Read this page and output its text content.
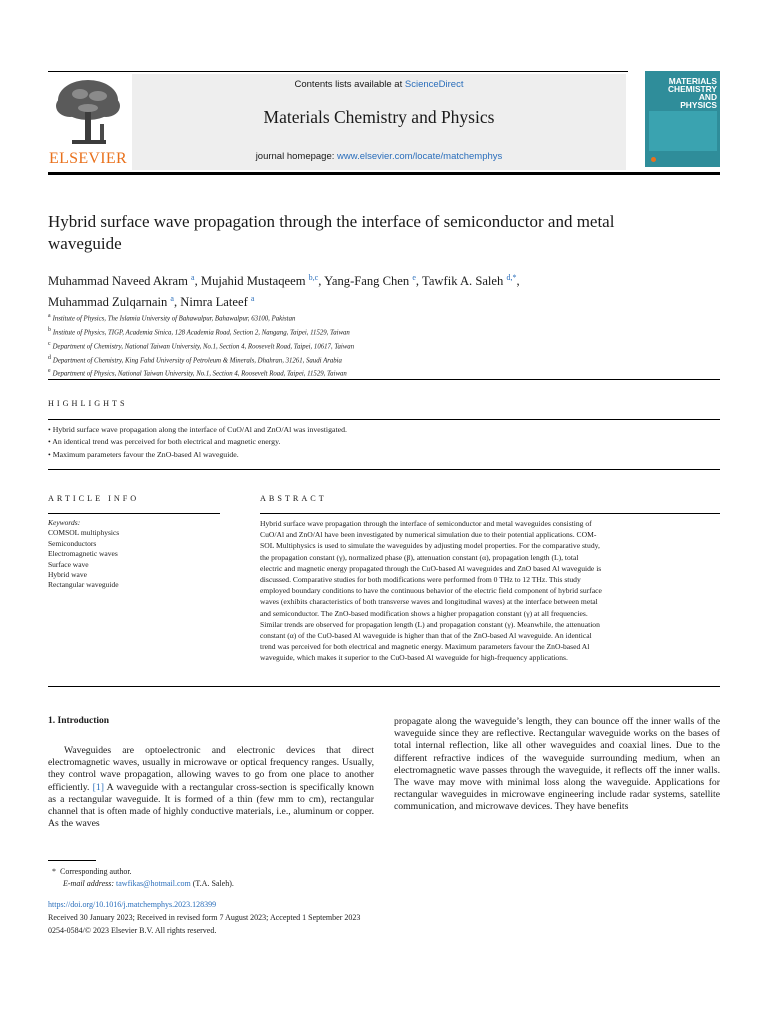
ELSEVIER
Contents lists available at ScienceDirect
Materials Chemistry and Physics
journal homepage: www.elsevier.com/locate/matchemphys
MATERIALS
CHEMISTRY AND
PHYSICS
Hybrid surface wave propagation through the interface of semiconductor and metal waveguide
Muhammad Naveed Akram $^a$, Mujahid Mustaqeem $^{b,c}$, Yang-Fang Chen $^e$, Tawfik A. Saleh $^{d,*}$,
Muhammad Zulqarnain $^a$, Nimra Lateef $^a$
a Institute of Physics, The Islamia University of Bahawalpur, Bahawalpur, 63100, Pakistan
b Institute of Physics, TIGP, Academia Sinica, 128 Academia Road, Section 2, Nangang, Taipei, 11529, Taiwan
c Department of Chemistry, National Taiwan University, No.1, Section 4, Roosevelt Road, Taipei, 10617, Taiwan
d Department of Chemistry, King Fahd University of Petroleum & Minerals, Dhahran, 31261, Saudi Arabia
e Department of Physics, National Taiwan University, No.1, Section 4, Roosevelt Road, Taipei, 11529, Taiwan
HIGHLIGHTS
• Hybrid surface wave propagation along the interface of CuO/Al and ZnO/Al was investigated.
• An identical trend was perceived for both electrical and magnetic energy.
• Maximum parameters favour the ZnO-based Al waveguide.
ARTICLE INFO	ABSTRACT
Keywords:
COMSOL multiphysics
Semiconductors
Electromagnetic waves
Surface wave
Hybrid wave
Rectangular waveguide
Hybrid surface wave propagation through the interface of semiconductor and metal waveguides consisting of
CuO/Al and ZnO/Al have been investigated by numerical simulation due to their potential applications. COM-
SOL Multiphysics is used to simulate the waveguides by adjusting model properties. For the comparative study,
the propagation constant (γ), normalized phase (β), attenuation constant (α), propagation length (L), total
electric and magnetic energy propagated through the CuO-based Al waveguides and ZnO based Al waveguide is
discussed. Comparative studies for both modifications were performed from 0 THz to 12 THz. This study
employed boundary conditions to have the continuous behavior of the electric field component of hybrid surface
waves (exhibits characteristics of both transverse waves and longitudinal waves) at the interface between metal
and semiconductor. The ZnO-based modification shows a higher propagation constant (γ) at all frequencies.
Similar trends are observed for propagation length (L) and propagation constant (γ). Meanwhile, the attenuation
constant (α) of the CuO-based Al waveguide is higher than that of the ZnO-based Al waveguide. An identical
trend was perceived for both electrical and magnetic energy. Maximum parameters favour the ZnO-based Al
waveguide, which makes it superior to the CuO-based Al waveguide for high-frequency applications.
1. Introduction
Waveguides are optoelectronic and electronic devices that direct electromagnetic waves, usually in microwave or optical frequency ranges. Usually, they control wave propagation, allowing waves to go from one place to another efficiently. [1] A waveguide with a rectangular cross-section is specifically known as a rectangular waveguide. It is formed of a thin (few mm to cm), rectangular channel that is often made of highly conductive materials, i.e., aluminum or copper. As the waves
propagate along the waveguide’s length, they can bounce off the inner walls of the waveguide since they are reflective. Rectangular waveguide works on the bases of total internal reflection, like all other waveguides and coaxial lines. Due to the different refractive indices of the waveguide surrounding medium, when an electromagnetic wave passes through the waveguide, it reflects off the inner walls. The wave may move with minimal loss along the waveguide. Applications for rectangular waveguides in microwave engineering include radar systems, satellite communication, and microwave devices. They have benefits
* Corresponding author.
E-mail address: tawfikas@hotmail.com (T.A. Saleh).
https://doi.org/10.1016/j.matchemphys.2023.128399
Received 30 January 2023; Received in revised form 7 August 2023; Accepted 1 September 2023
0254-0584/© 2023 Elsevier B.V. All rights reserved.
